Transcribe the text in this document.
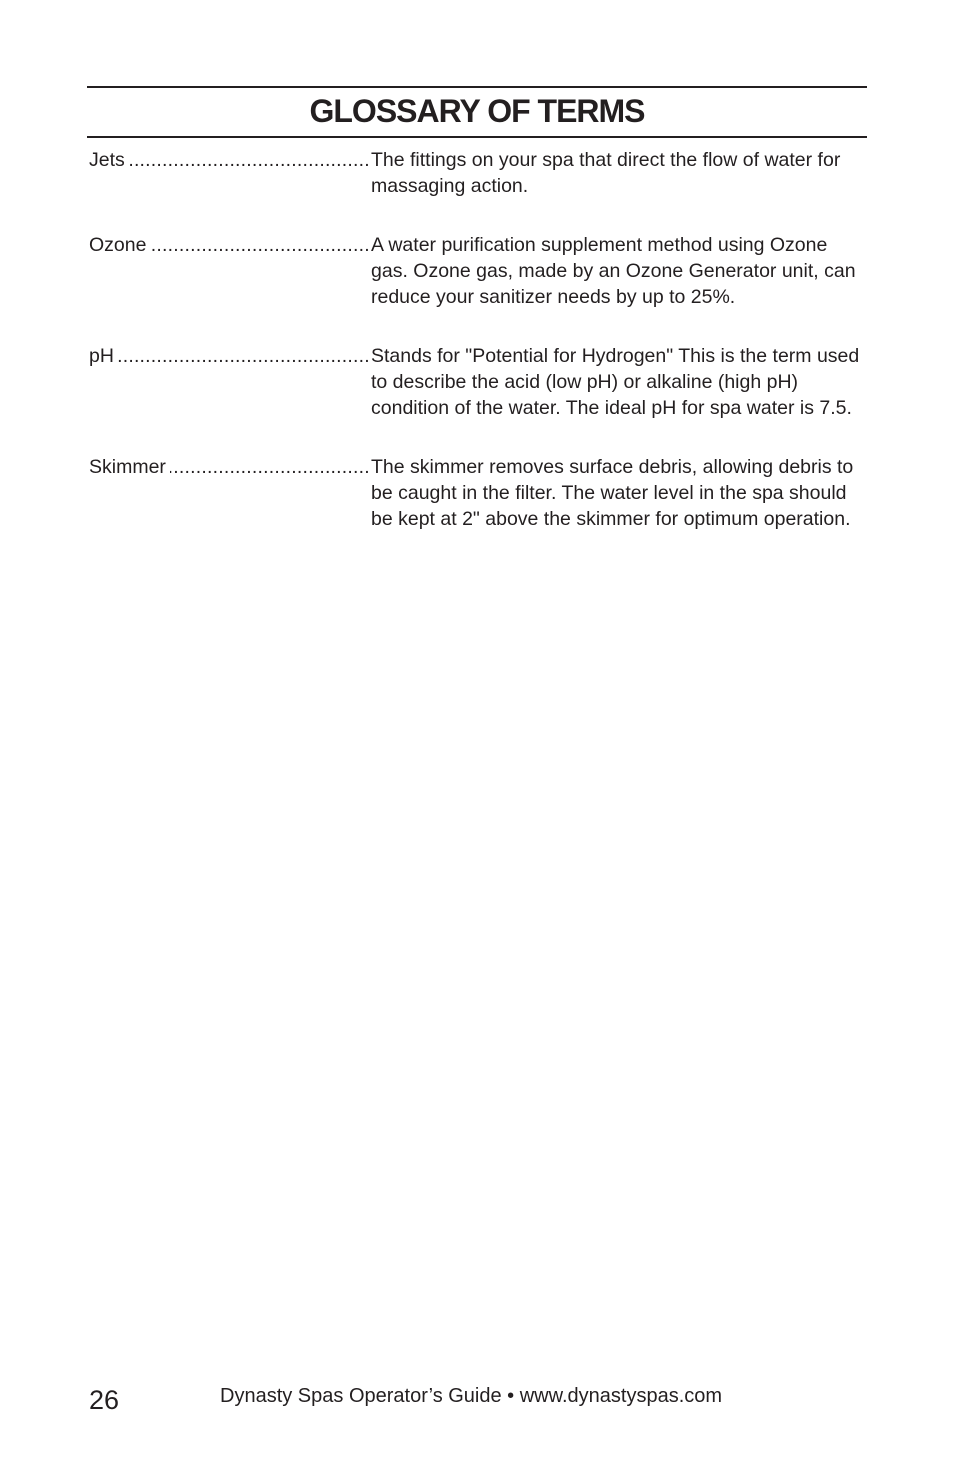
GLOSSARY OF TERMS
.....
Jets	The fittings on your spa that direct the flow of water for massaging action.
.....
Ozone	A water purification supplement method using Ozone gas. Ozone gas, made by an Ozone Generator unit, can reduce your sanitizer needs by up to 25%.
.....
pH	Stands for "Potential for Hydrogen" This is the term used to describe the acid (low pH) or alkaline (high pH) condition of the water. The ideal pH for spa water is 7.5.
.....
Skimmer	The skimmer removes surface debris, allowing debris to be caught in the filter. The water level in the spa should be kept at 2" above the skimmer for optimum operation.
26	Dynasty Spas Operator’s Guide • www.dynastyspas.com
